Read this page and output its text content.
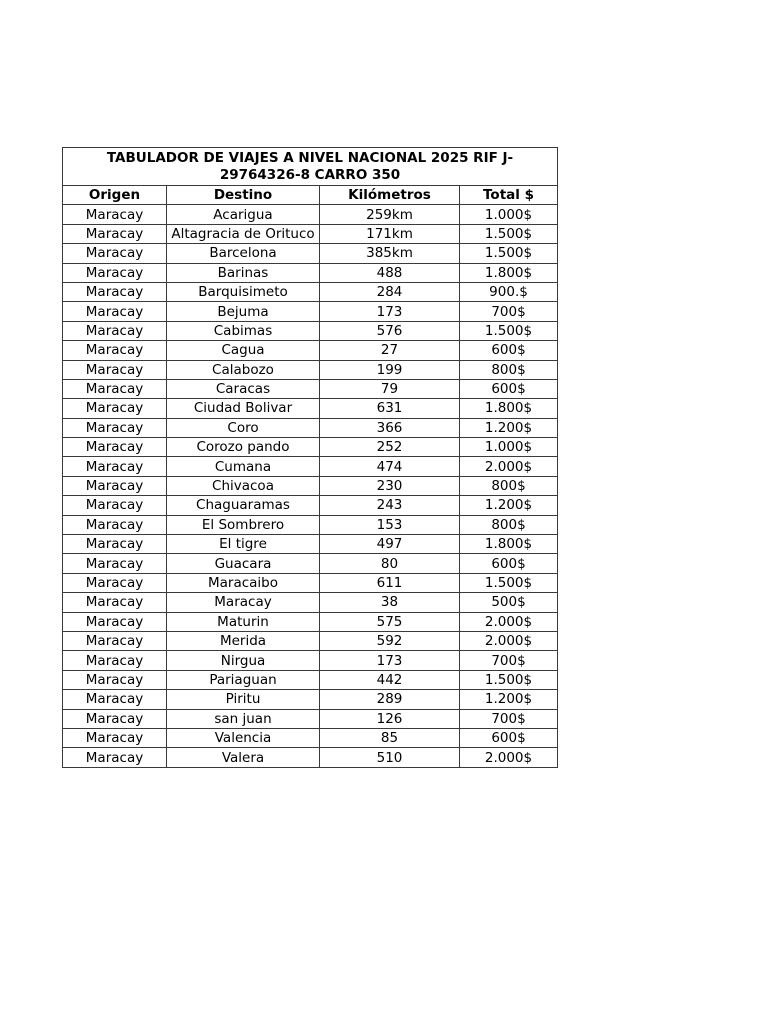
TABULADOR DE VIAJES A NIVEL NACIONAL 2025 RIF J-29764326-8 CARRO 350			
Origen	Destino	Kilómetros	Total $
Maracay	Acarigua	259km	1.000$
Maracay	Altagracia de Orituco	171km	1.500$
Maracay	Barcelona	385km	1.500$
Maracay	Barinas	488	1.800$
Maracay	Barquisimeto	284	900.$
Maracay	Bejuma	173	700$
Maracay	Cabimas	576	1.500$
Maracay	Cagua	27	600$
Maracay	Calabozo	199	800$
Maracay	Caracas	79	600$
Maracay	Ciudad Bolivar	631	1.800$
Maracay	Coro	366	1.200$
Maracay	Corozo pando	252	1.000$
Maracay	Cumana	474	2.000$
Maracay	Chivacoa	230	800$
Maracay	Chaguaramas	243	1.200$
Maracay	El Sombrero	153	800$
Maracay	El tigre	497	1.800$
Maracay	Guacara	80	600$
Maracay	Maracaibo	611	1.500$
Maracay	Maracay	38	500$
Maracay	Maturin	575	2.000$
Maracay	Merida	592	2.000$
Maracay	Nirgua	173	700$
Maracay	Pariaguan	442	1.500$
Maracay	Piritu	289	1.200$
Maracay	san juan	126	700$
Maracay	Valencia	85	600$
Maracay	Valera	510	2.000$
